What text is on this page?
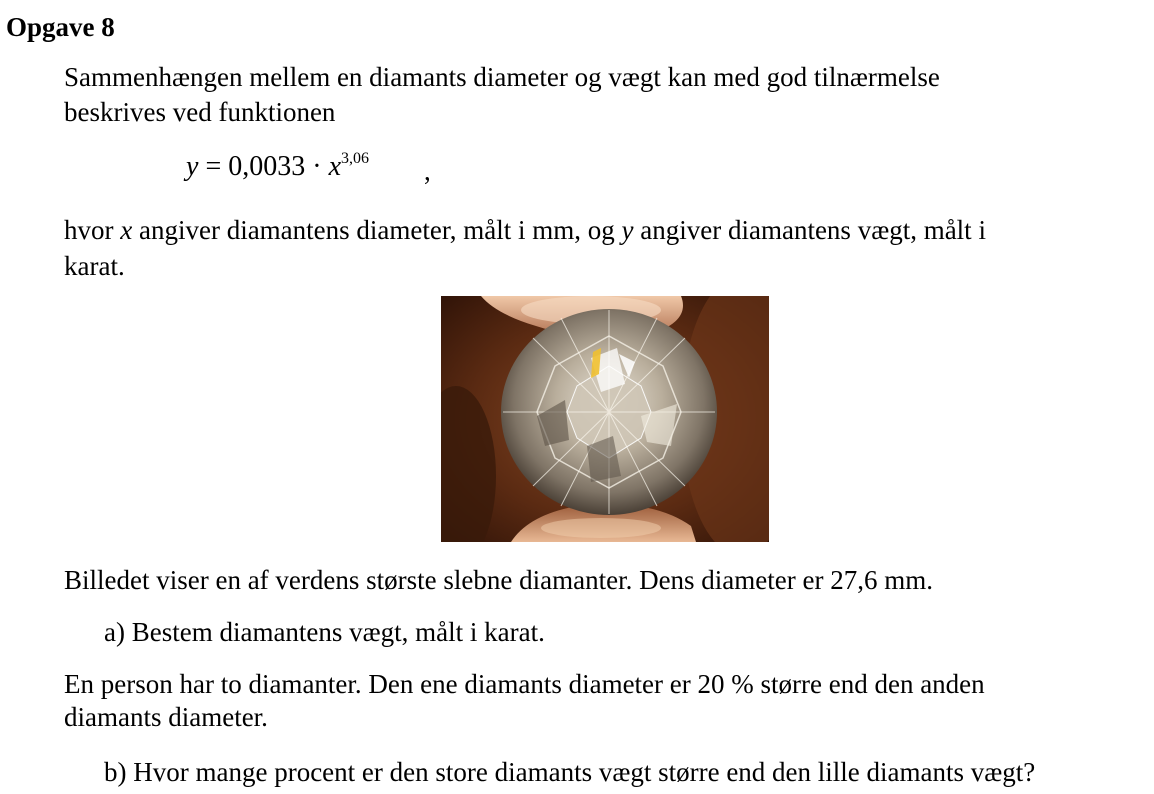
Opgave 8
Sammenhængen mellem en diamants diameter og vægt kan med god tilnærmelse
beskrives ved funktionen
$y = 0,0033 \cdot x^{3,06}$ ,
hvor x angiver diamantens diameter, målt i mm, og y angiver diamantens vægt, målt i
karat.
Billedet viser en af verdens største slebne diamanter. Dens diameter er 27,6 mm.
a) Bestem diamantens vægt, målt i karat.
En person har to diamanter. Den ene diamants diameter er 20 % større end den anden
diamants diameter.
b) Hvor mange procent er den store diamants vægt større end den lille diamants vægt?
